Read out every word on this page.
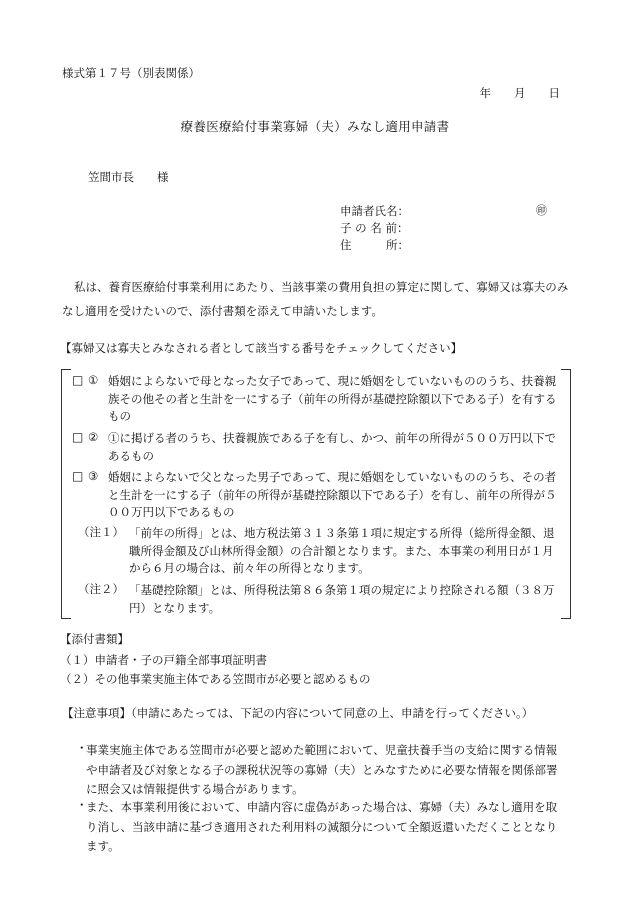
様式第１７号（別表関係）
年　　月　　日
療養医療給付事業寡婦（夫）みなし適用申請書
笠間市長　　様
申請者氏名：	㊞
子 の 名 前：
住　　　所：
私は、養育医療給付事業利用にあたり、当該事業の費用負担の算定に関して、寡婦又は寡夫のみなし適用を受けたいので、添付書類を添えて申請いたします。
【寡婦又は寡夫とみなされる者として該当する番号をチェックしてください】
□ ① 婚姻によらないで母となった女子であって、現に婚姻をしていないもののうち、扶養親族その他その者と生計を一にする子（前年の所得が基礎控除額以下である子）を有するもの
□ ② ①に掲げる者のうち、扶養親族である子を有し、かつ、前年の所得が５００万円以下であるもの
□ ③ 婚姻によらないで父となった男子であって、現に婚姻をしていないもののうち、その者と生計を一にする子（前年の所得が基礎控除額以下である子）を有し、前年の所得が５００万円以下であるもの
（注１） 「前年の所得」とは、地方税法第３１３条第１項に規定する所得（総所得金額、退職所得金額及び山林所得金額）の合計額となります。また、本事業の利用日が１月から６月の場合は、前々年の所得となります。
（注２） 「基礎控除額」とは、所得税法第８６条第１項の規定により控除される額（３８万円）となります。
【添付書類】
（１）申請者・子の戸籍全部事項証明書
（２）その他事業実施主体である笠間市が必要と認めるもの
【注意事項】（申請にあたっては、下記の内容について同意の上、申請を行ってください。）
・
事業実施主体である笠間市が必要と認めた範囲において、児童扶養手当の支給に関する情報や申請者及び対象となる子の課税状況等の寡婦（夫）とみなすために必要な情報を関係部署に照会又は情報提供する場合があります。
・
また、本事業利用後において、申請内容に虚偽があった場合は、寡婦（夫）みなし適用を取り消し、当該申請に基づき適用された利用料の減額分について全額返還いただくこととなります。
